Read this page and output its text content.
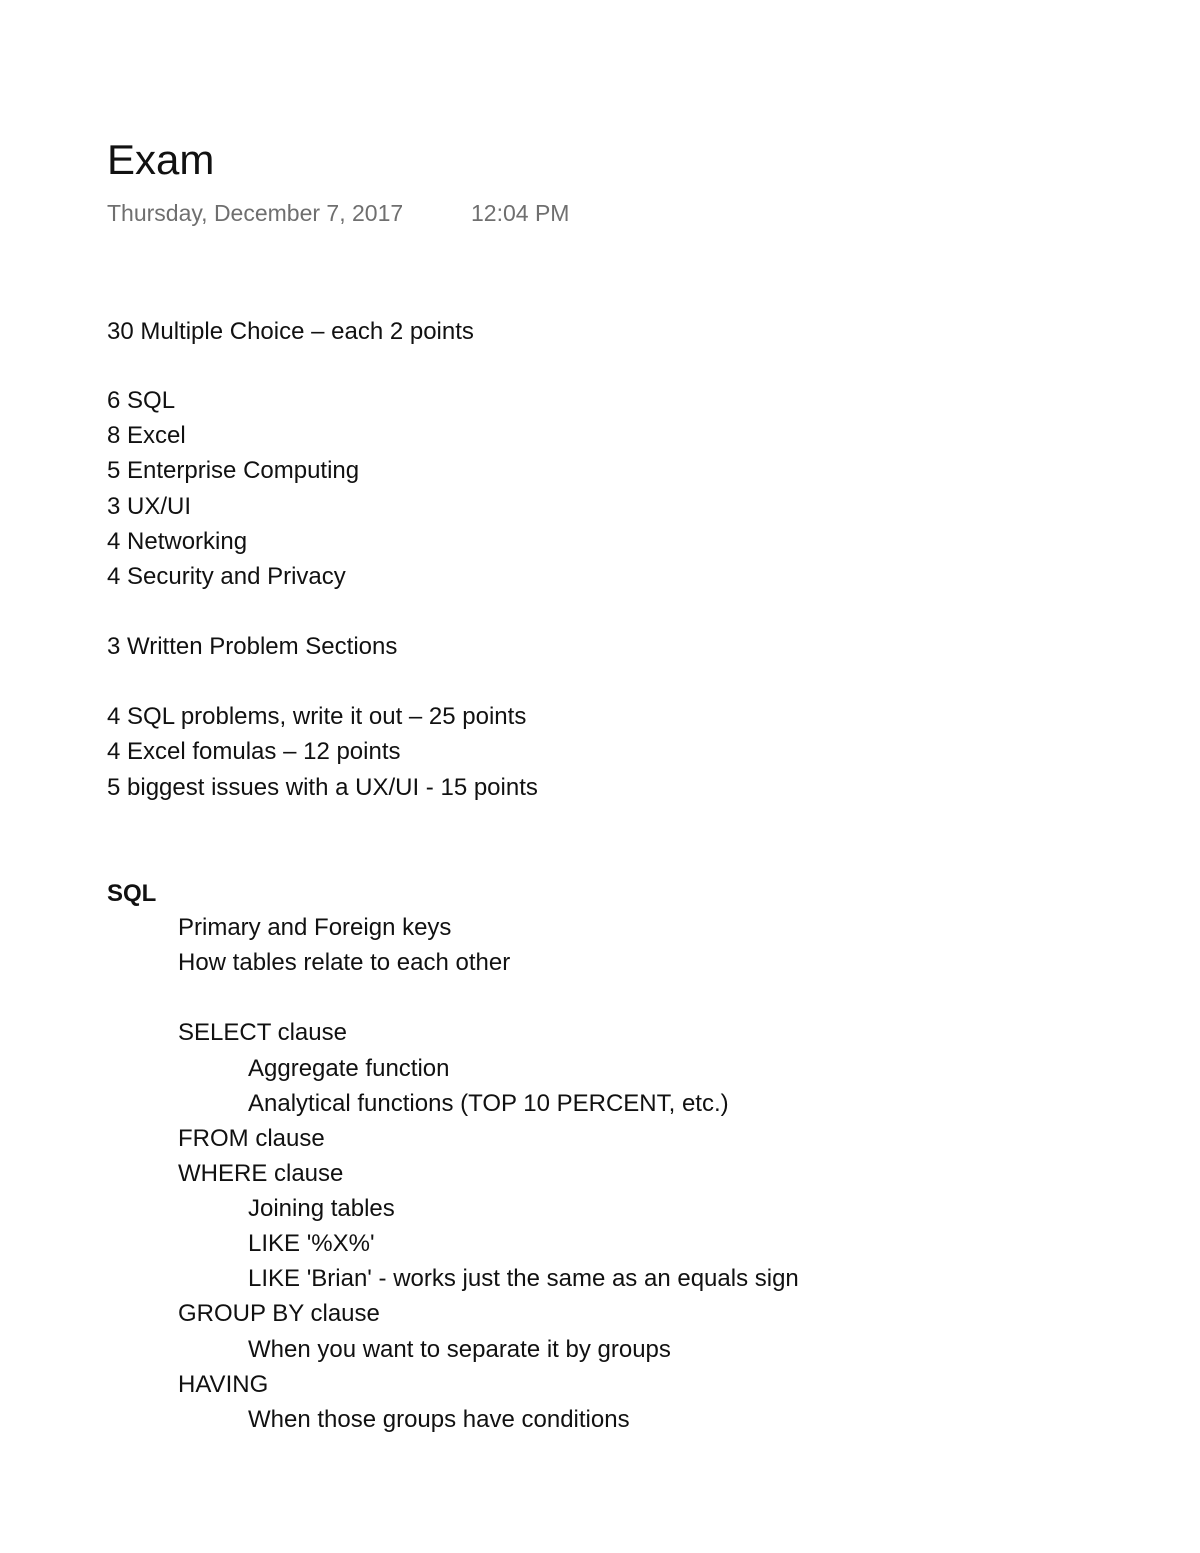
Exam
Thursday, December 7, 2017	12:04 PM
30 Multiple Choice – each 2 points
6 SQL
8 Excel
5 Enterprise Computing
3 UX/UI
4 Networking
4 Security and Privacy
3 Written Problem Sections
4 SQL problems, write it out – 25 points
4 Excel fomulas – 12 points
5 biggest issues with a UX/UI - 15 points
SQL
Primary and Foreign keys
How tables relate to each other
SELECT clause
Aggregate function
Analytical functions (TOP 10 PERCENT, etc.)
FROM clause
WHERE clause
Joining tables
LIKE '%X%'
LIKE 'Brian' - works just the same as an equals sign
GROUP BY clause
When you want to separate it by groups
HAVING
When those groups have conditions
